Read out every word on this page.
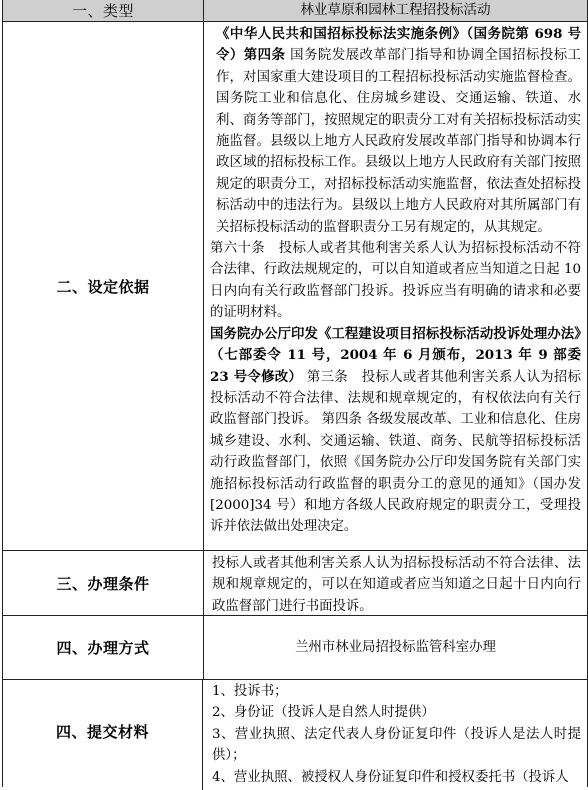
一、类型	林业草原和园林工程招投标活动
二、设定依据
《中华人民共和国招标投标法实施条例》（国务院第 698 号令）第四条 国务院发展改革部门指导和协调全国招标投标工作，对国家重大建设项目的工程招标投标活动实施监督检查。国务院工业和信息化、住房城乡建设、交通运输、铁道、水利、商务等部门，按照规定的职责分工对有关招标投标活动实施监督。县级以上地方人民政府发展改革部门指导和协调本行政区域的招标投标工作。县级以上地方人民政府有关部门按照规定的职责分工，对招标投标活动实施监督，依法查处招标投标活动中的违法行为。县级以上地方人民政府对其所属部门有关招标投标活动的监督职责分工另有规定的，从其规定。
第六十条　投标人或者其他利害关系人认为招标投标活动不符合法律、行政法规规定的，可以自知道或者应当知道之日起 10 日内向有关行政监督部门投诉。投诉应当有明确的请求和必要的证明材料。
国务院办公厅印发《工程建设项目招标投标活动投诉处理办法》（七部委令 11 号，2004 年 6 月颁布，2013 年 9 部委 23 号令修改） 第三条　投标人或者其他利害关系人认为招标投标活动不符合法律、法规和规章规定的，有权依法向有关行政监督部门投诉。 第四条 各级发展改革、工业和信息化、住房城乡建设、水利、交通运输、铁道、商务、民航等招标投标活动行政监督部门，依照《国务院办公厅印发国务院有关部门实施招标投标活动行政监督的职责分工的意见的通知》（国办发[2000]34 号）和地方各级人民政府规定的职责分工，受理投诉并依法做出处理决定。
三、办理条件
投标人或者其他利害关系人认为招标投标活动不符合法律、法规和规章规定的，可以在知道或者应当知道之日起十日内向行政监督部门进行书面投诉。
四、办理方式	兰州市林业局招投标监管科室办理
四、提交材料
1、投诉书；
2、身份证（投诉人是自然人时提供）
3、营业执照、法定代表人身份证复印件（投诉人是法人时提供）；
4、营业执照、被授权人身份证复印件和授权委托书（投诉人
